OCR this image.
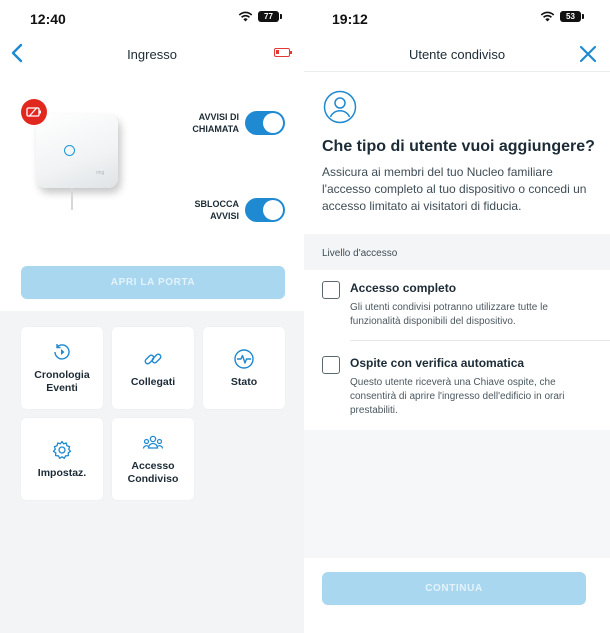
12:40	77
Ingresso
ring
AVVISI DI
CHIAMATA
SBLOCCA
AVVISI
APRI LA PORTA
Cronologia
Eventi
Collegati	Stato
Impostaz.
Accesso
Condiviso
19:12	53
Utente condiviso
Che tipo di utente vuoi aggiungere?
Assicura ai membri del tuo Nucleo familiare l'accesso completo al tuo dispositivo o concedi un accesso limitato ai visitatori di fiducia.
Livello d'accesso
Accesso completo
Gli utenti condivisi potranno utilizzare tutte le funzionalità disponibili del dispositivo.
Ospite con verifica automatica
Questo utente riceverà una Chiave ospite, che consentirà di aprire l'ingresso dell'edificio in orari prestabiliti.
CONTINUA
